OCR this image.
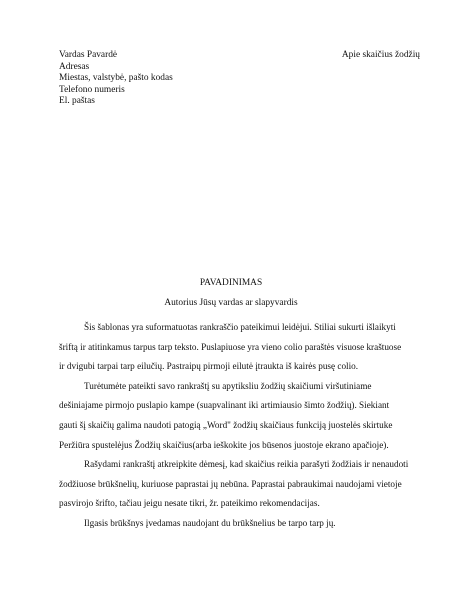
Vardas Pavardė
Adresas
Miestas, valstybė, pašto kodas
Telefono numeris
El. paštas
Apie skaičius žodžių
PAVADINIMAS
Autorius Jūsų vardas ar slapyvardis

Šis šablonas yra suformatuotas rankraščio pateikimui leidėjui. Stiliai sukurti išlaikyti šriftą ir atitinkamus tarpus tarp teksto. Puslapiuose yra vieno colio paraštės visuose kraštuose ir dvigubi tarpai tarp eilučių. Pastraipų pirmoji eilutė įtraukta iš kairės pusę colio.

Turėtumėte pateikti savo rankraštį su apytiksliu žodžių skaičiumi viršutiniame dešiniajame pirmojo puslapio kampe (suapvalinant iki artimiausio šimto žodžių). Siekiant gauti šį skaičių galima naudoti patogią „Word" žodžių skaičiaus funkciją juostelės skirtuke Peržiūra spustelėjus Žodžių skaičius(arba ieškokite jos būsenos juostoje ekrano apačioje).

Rašydami rankraštį atkreipkite dėmesį, kad skaičius reikia parašyti žodžiais ir nenaudoti žodžiuose brūkšnelių, kuriuose paprastai jų nebūna. Paprastai pabraukimai naudojami vietoje pasvirojo šrifto, tačiau jeigu nesate tikri, žr. pateikimo rekomendacijas.

Ilgasis brūkšnys įvedamas naudojant du brūkšnelius be tarpo tarp jų.
